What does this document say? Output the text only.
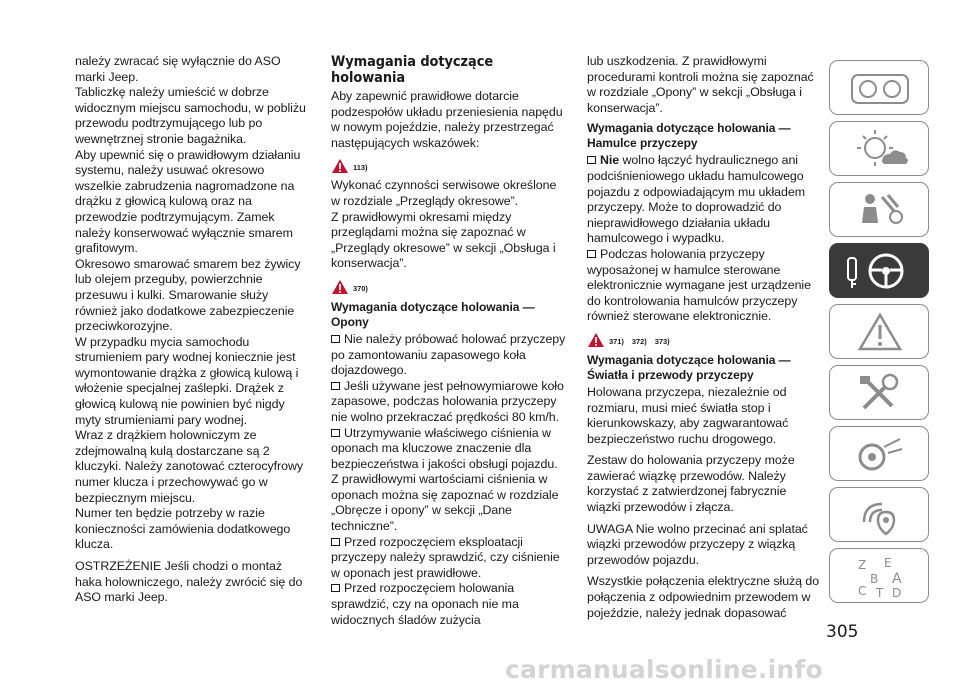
należy zwracać się wyłącznie do ASO marki Jeep.

Tabliczkę należy umieścić w dobrze widocznym miejscu samochodu, w pobliżu przewodu podtrzymującego lub po wewnętrznej stronie bagażnika.

Aby upewnić się o prawidłowym działaniu systemu, należy usuwać okresowo wszelkie zabrudzenia nagromadzone na drążku z głowicą kulową oraz na przewodzie podtrzymującym. Zamek należy konserwować wyłącznie smarem grafitowym.

Okresowo smarować smarem bez żywicy lub olejem przeguby, powierzchnie przesuwu i kulki. Smarowanie służy również jako dodatkowe zabezpieczenie przeciwkorozyjne.

W przypadku mycia samochodu strumieniem pary wodnej koniecznie jest wymontowanie drążka z głowicą kulową i włożenie specjalnej zaślepki. Drążek z głowicą kulową nie powinien być nigdy myty strumieniami pary wodnej.

Wraz z drążkiem holowniczym ze zdejmowalną kulą dostarczane są 2 kluczyki. Należy zanotować czterocyfrowy numer klucza i przechowywać go w bezpiecznym miejscu.

Numer ten będzie potrzeby w razie konieczności zamówienia dodatkowego klucza.

OSTRZEŻENIE Jeśli chodzi o montaż haka holowniczego, należy zwrócić się do ASO marki Jeep.

Wymagania dotyczące holowania

Aby zapewnić prawidłowe dotarcie podzespołów układu przeniesienia napędu w nowym pojeździe, należy przestrzegać następujących wskazówek:

113)

Wykonać czynności serwisowe określone w rozdziale „Przeglądy okresowe”.

Z prawidłowymi okresami między przeglądami można się zapoznać w „Przeglądy okresowe” w sekcji „Obsługa i konserwacja”.

370)
Wymagania dotyczące holowania — Opony

Nie należy próbować holować przyczepy po zamontowaniu zapasowego koła dojazdowego.

Jeśli używane jest pełnowymiarowe koło zapasowe, podczas holowania przyczepy nie wolno przekraczać prędkości 80 km/h.

Utrzymywanie właściwego ciśnienia w oponach ma kluczowe znaczenie dla bezpieczeństwa i jakości obsługi pojazdu. Z prawidłowymi wartościami ciśnienia w oponach można się zapoznać w rozdziale „Obręcze i opony” w sekcji „Dane techniczne”.

Przed rozpoczęciem eksploatacji przyczepy należy sprawdzić, czy ciśnienie w oponach jest prawidłowe.

Przed rozpoczęciem holowania sprawdzić, czy na oponach nie ma widocznych śladów zużycia

lub uszkodzenia. Z prawidłowymi procedurami kontroli można się zapoznać w rozdziale „Opony” w sekcji „Obsługa i konserwacja”.

Wymagania dotyczące holowania — Hamulce przyczepy

Nie wolno łączyć hydraulicznego ani podciśnieniowego układu hamulcowego pojazdu z odpowiadającym mu układem przyczepy. Może to doprowadzić do nieprawidłowego działania układu hamulcowego i wypadku.

Podczas holowania przyczepy wyposażonej w hamulce sterowane elektronicznie wymagane jest urządzenie do kontrolowania hamulców przyczepy również sterowane elektronicznie.

371) 372) 373)
Wymagania dotyczące holowania — Światła i przewody przyczepy

Holowana przyczepa, niezależnie od rozmiaru, musi mieć światła stop i kierunkowskazy, aby zagwarantować bezpieczeństwo ruchu drogowego.

Zestaw do holowania przyczepy może zawierać wiązkę przewodów. Należy korzystać z zatwierdzonej fabrycznie wiązki przewodów i złącza.

UWAGA Nie wolno przecinać ani splatać wiązki przewodów przyczepy z wiązką przewodów pojazdu.

Wszystkie połączenia elektryczne służą do połączenia z odpowiednim przewodem w pojeździe, należy jednak dopasować

Z E
B A
C T D
305
carmanualsonline.info
